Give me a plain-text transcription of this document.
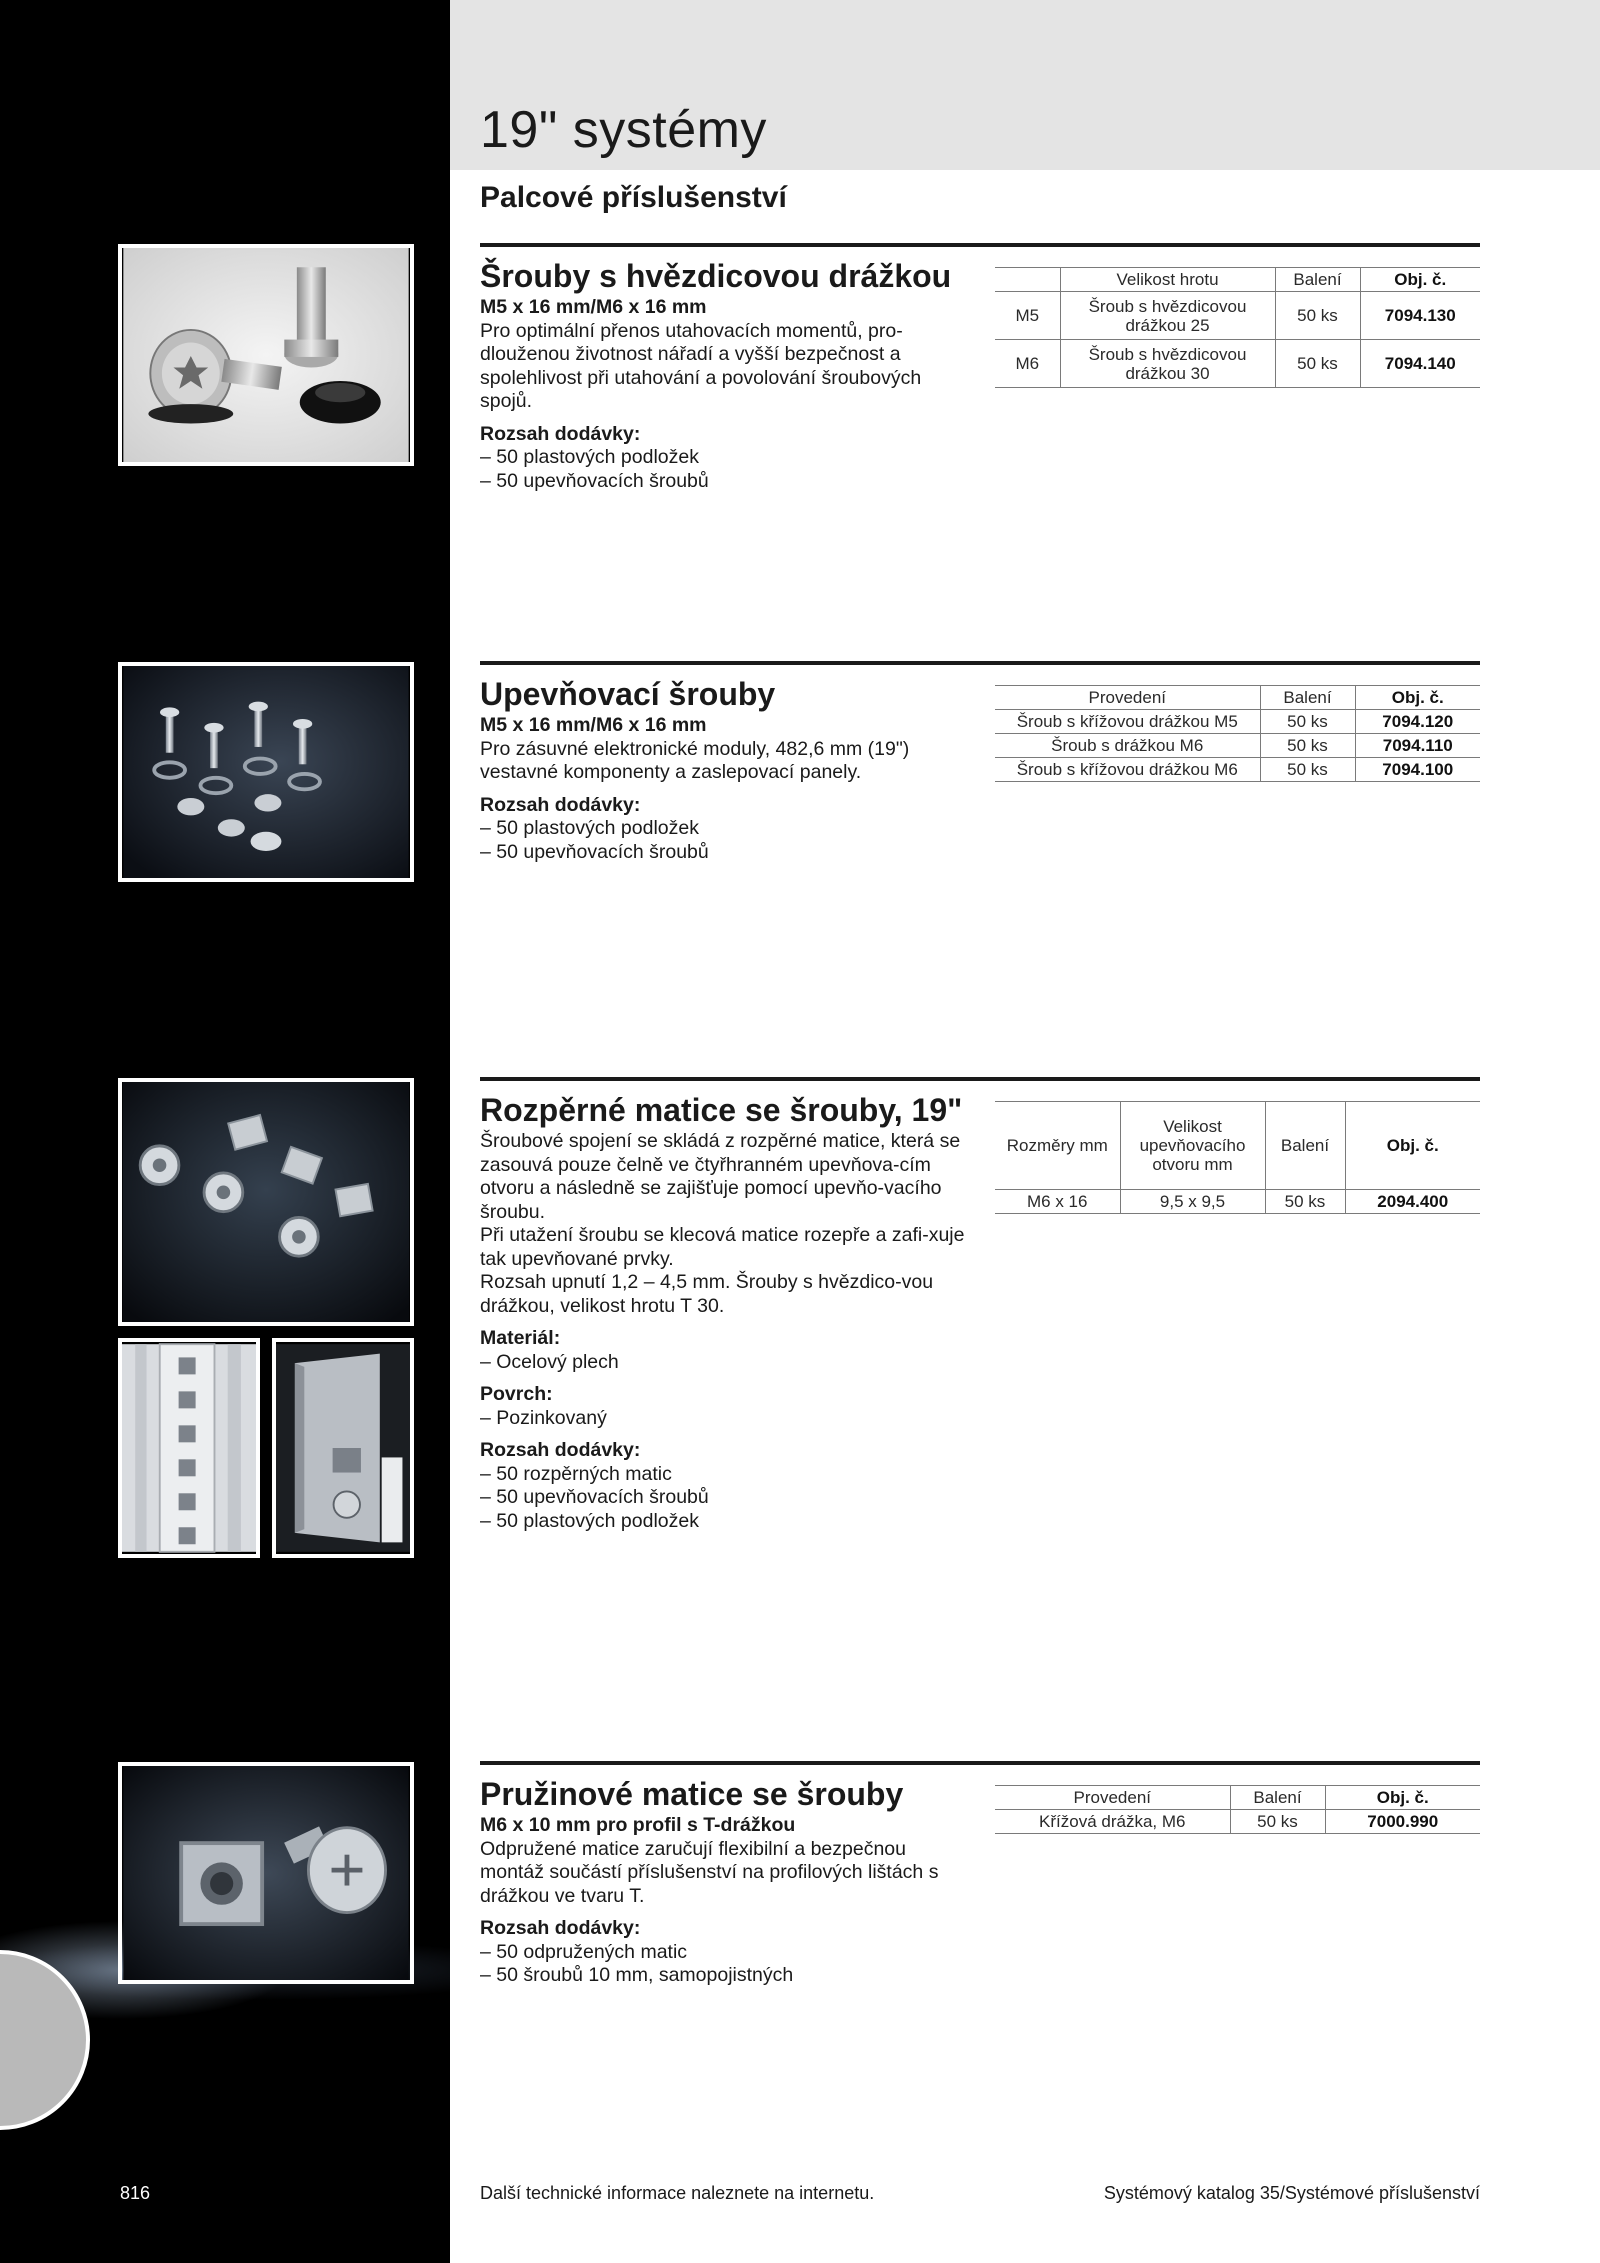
19" systémy
Palcové příslušenství
Šrouby s hvězdicovou drážkou
M5 x 16 mm/M6 x 16 mm

Pro optimální přenos utahovacích momentů, pro-dlouženou životnost nářadí a vyšší bezpečnost a spolehlivost při utahování a povolování šroubových spojů.

Rozsah dodávky:

– 50 plastových podložek

– 50 upevňovacích šroubů

	Velikost hrotu	Balení	Obj. č.
M5	Šroub s hvězdicovou drážkou 25	50 ks	7094.130
M6	Šroub s hvězdicovou drážkou 30	50 ks	7094.140
Upevňovací šrouby
M5 x 16 mm/M6 x 16 mm

Pro zásuvné elektronické moduly, 482,6 mm (19") vestavné komponenty a zaslepovací panely.

Rozsah dodávky:

– 50 plastových podložek

– 50 upevňovacích šroubů

Provedení	Balení	Obj. č.
Šroub s křížovou drážkou M5	50 ks	7094.120
Šroub s drážkou M6	50 ks	7094.110
Šroub s křížovou drážkou M6	50 ks	7094.100
Rozpěrné matice se šrouby, 19"

Šroubové spojení se skládá z rozpěrné matice, která se zasouvá pouze čelně ve čtyřhranném upevňova-cím otvoru a následně se zajišťuje pomocí upevňo-vacího šroubu.

Při utažení šroubu se klecová matice rozepře a zafi-xuje tak upevňované prvky.

Rozsah upnutí 1,2 – 4,5 mm. Šrouby s hvězdico-vou drážkou, velikost hrotu T 30.

Materiál:

– Ocelový plech

Povrch:

– Pozinkovaný

Rozsah dodávky:

– 50 rozpěrných matic

– 50 upevňovacích šroubů

– 50 plastových podložek

Rozměry mm	Velikost upevňovacího otvoru mm	Balení	Obj. č.
M6 x 16	9,5 x 9,5	50 ks	2094.400
Pružinové matice se šrouby
M6 x 10 mm pro profil s T-drážkou

Odpružené matice zaručují flexibilní a bezpečnou montáž součástí příslušenství na profilových lištách s drážkou ve tvaru T.

Rozsah dodávky:

– 50 odpružených matic

– 50 šroubů 10 mm, samopojistných

Provedení	Balení	Obj. č.
Křížová drážka, M6	50 ks	7000.990
816	Další technické informace naleznete na internetu.	Systémový katalog 35/Systémové příslušenství
